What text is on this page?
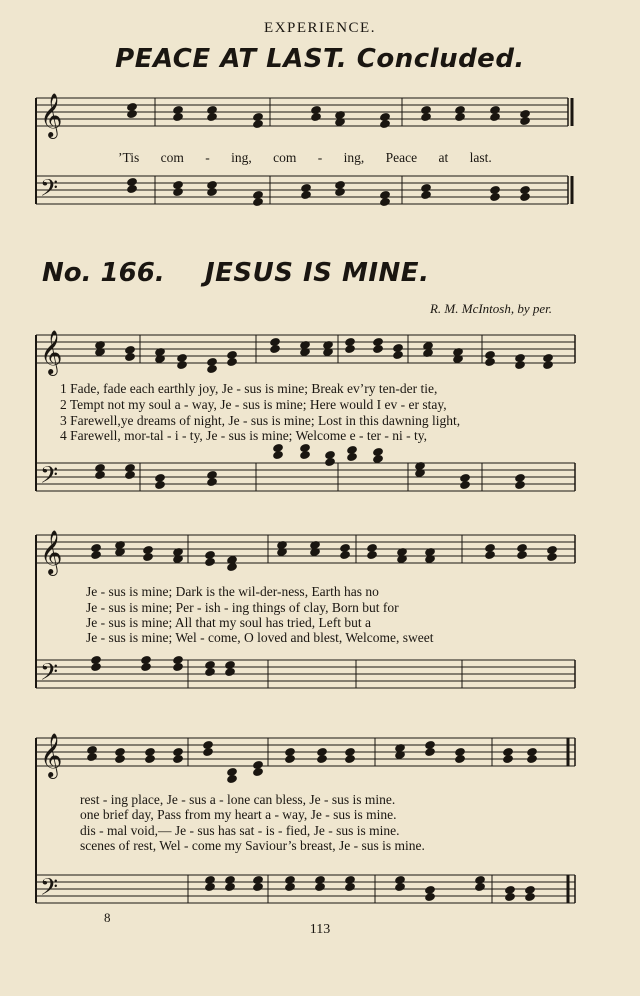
EXPERIENCE.
PEACE AT LAST. Concluded.
𝄞
𝄢
𝄞
𝄢
𝄞
𝄢
𝄞
𝄢
’Tis com - ing, com - ing, Peace at last.
No. 166. JESUS IS MINE.
R. M. McIntosh, by per.
1 Fade, fade each earthly joy, Je - sus is mine; Break ev’ry ten-der tie,
2 Tempt not my soul a - way, Je - sus is mine; Here would I ev - er stay,
3 Farewell,ye dreams of night, Je - sus is mine; Lost in this dawning light,
4 Farewell, mor-tal - i - ty, Je - sus is mine; Welcome e - ter - ni - ty,
Je - sus is mine; Dark is the wil-der-ness, Earth has no
Je - sus is mine; Per - ish - ing things of clay, Born but for
Je - sus is mine; All that my soul has tried, Left but a
Je - sus is mine; Wel - come, O loved and blest, Welcome, sweet
rest - ing place, Je - sus a - lone can bless, Je - sus is mine.
one brief day, Pass from my heart a - way, Je - sus is mine.
dis - mal void,— Je - sus has sat - is - fied, Je - sus is mine.
scenes of rest, Wel - come my Saviour’s breast, Je - sus is mine.
8
113
